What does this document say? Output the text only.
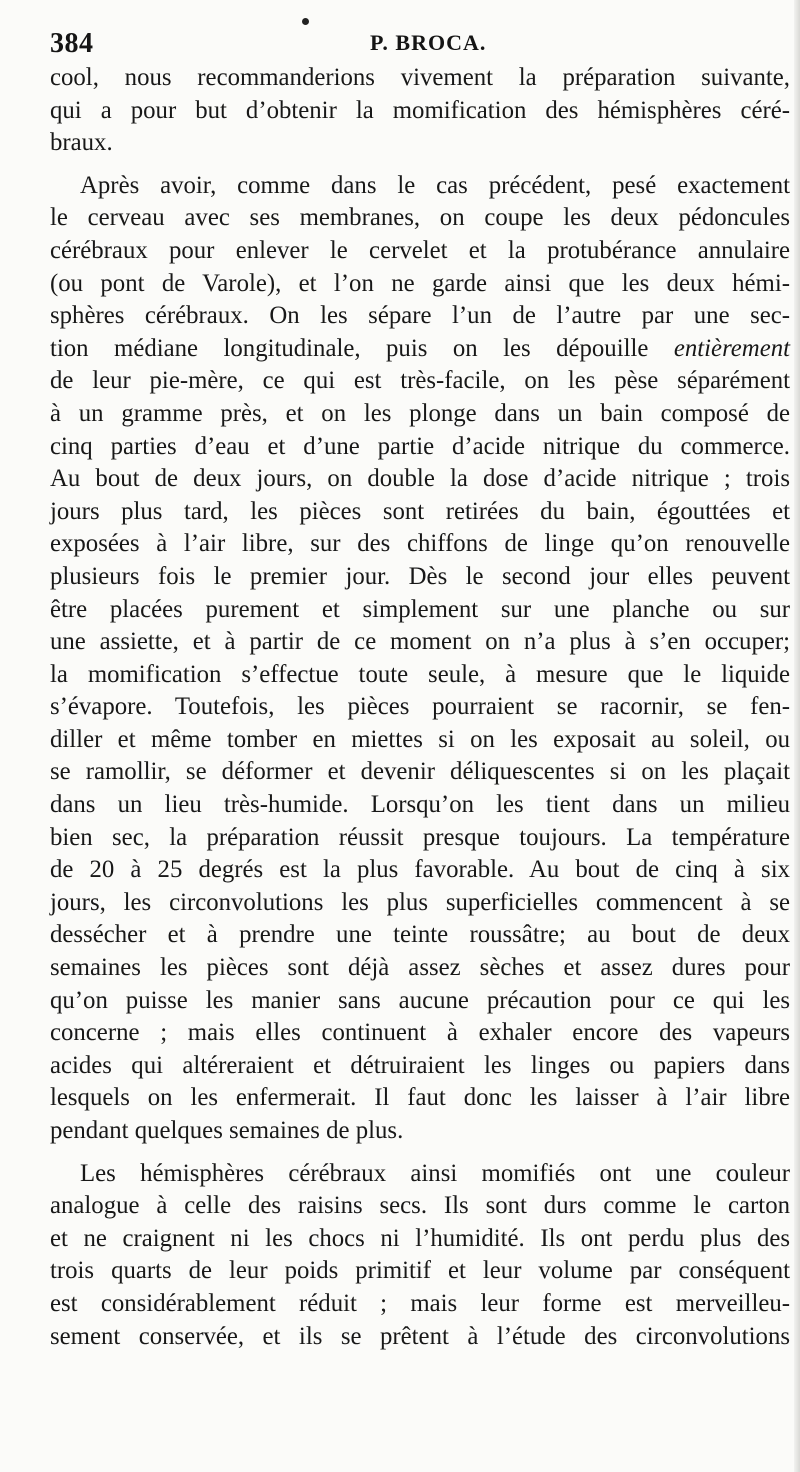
384	P. BROCA.
cool, nous recommanderions vivement la préparation suivante,
qui a pour but d’obtenir la momification des hémisphères céré-
braux.
Après avoir, comme dans le cas précédent, pesé exactement
le cerveau avec ses membranes, on coupe les deux pédoncules
cérébraux pour enlever le cervelet et la protubérance annulaire
(ou pont de Varole), et l’on ne garde ainsi que les deux hémi-
sphères cérébraux. On les sépare l’un de l’autre par une sec-
tion médiane longitudinale, puis on les dépouille entièrement
de leur pie-mère, ce qui est très-facile, on les pèse séparément
à un gramme près, et on les plonge dans un bain composé de
cinq parties d’eau et d’une partie d’acide nitrique du commerce.
Au bout de deux jours, on double la dose d’acide nitrique ; trois
jours plus tard, les pièces sont retirées du bain, égouttées et
exposées à l’air libre, sur des chiffons de linge qu’on renouvelle
plusieurs fois le premier jour. Dès le second jour elles peuvent
être placées purement et simplement sur une planche ou sur
une assiette, et à partir de ce moment on n’a plus à s’en occuper;
la momification s’effectue toute seule, à mesure que le liquide
s’évapore. Toutefois, les pièces pourraient se racornir, se fen-
diller et même tomber en miettes si on les exposait au soleil, ou
se ramollir, se déformer et devenir déliquescentes si on les plaçait
dans un lieu très-humide. Lorsqu’on les tient dans un milieu
bien sec, la préparation réussit presque toujours. La température
de 20 à 25 degrés est la plus favorable. Au bout de cinq à six
jours, les circonvolutions les plus superficielles commencent à se
dessécher et à prendre une teinte roussâtre; au bout de deux
semaines les pièces sont déjà assez sèches et assez dures pour
qu’on puisse les manier sans aucune précaution pour ce qui les
concerne ; mais elles continuent à exhaler encore des vapeurs
acides qui altéreraient et détruiraient les linges ou papiers dans
lesquels on les enfermerait. Il faut donc les laisser à l’air libre
pendant quelques semaines de plus.
Les hémisphères cérébraux ainsi momifiés ont une couleur
analogue à celle des raisins secs. Ils sont durs comme le carton
et ne craignent ni les chocs ni l’humidité. Ils ont perdu plus des
trois quarts de leur poids primitif et leur volume par conséquent
est considérablement réduit ; mais leur forme est merveilleu-
sement conservée, et ils se prêtent à l’étude des circonvolutions
